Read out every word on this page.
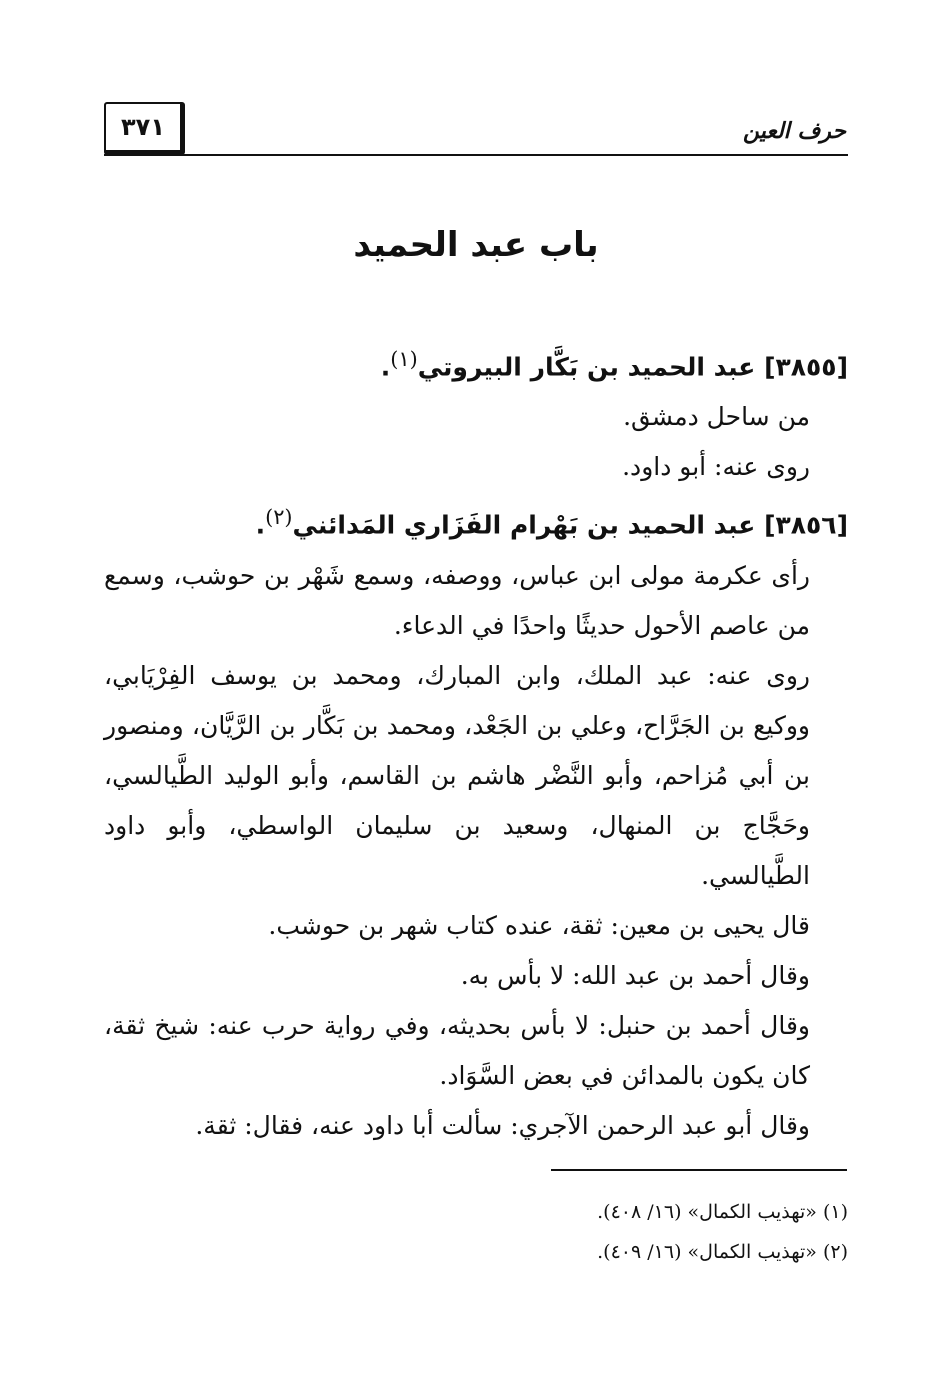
حرف العين
٣٧١
باب عبد الحميد

[٣٨٥٥] عبد الحميد بن بَكَّار البيروتي$^{(١)}$.

من ساحل دمشق.

روى عنه: أبو داود.

[٣٨٥٦] عبد الحميد بن بَهْرام الفَزَاري المَدائني$^{(٢)}$.

رأى عكرمة مولى ابن عباس، ووصفه، وسمع شَهْر بن حوشب، وسمع من عاصم الأحول حديثًا واحدًا في الدعاء.

روى عنه: عبد الملك، وابن المبارك، ومحمد بن يوسف الفِرْيَابي، ووكيع بن الجَرَّاح، وعلي بن الجَعْد، ومحمد بن بَكَّار بن الرَّيَّان، ومنصور بن أبي مُزاحم، وأبو النَّضْر هاشم بن القاسم، وأبو الوليد الطَّيالسي، وحَجَّاج بن المنهال، وسعيد بن سليمان الواسطي، وأبو داود الطَّيالسي.

قال يحيى بن معين: ثقة، عنده كتاب شهر بن حوشب.

وقال أحمد بن عبد الله: لا بأس به.

وقال أحمد بن حنبل: لا بأس بحديثه، وفي رواية حرب عنه: شيخ ثقة، كان يكون بالمدائن في بعض السَّوَاد.

وقال أبو عبد الرحمن الآجري: سألت أبا داود عنه، فقال: ثقة.

(١) «تهذيب الكمال» (١٦/ ٤٠٨).

(٢) «تهذيب الكمال» (١٦/ ٤٠٩).
